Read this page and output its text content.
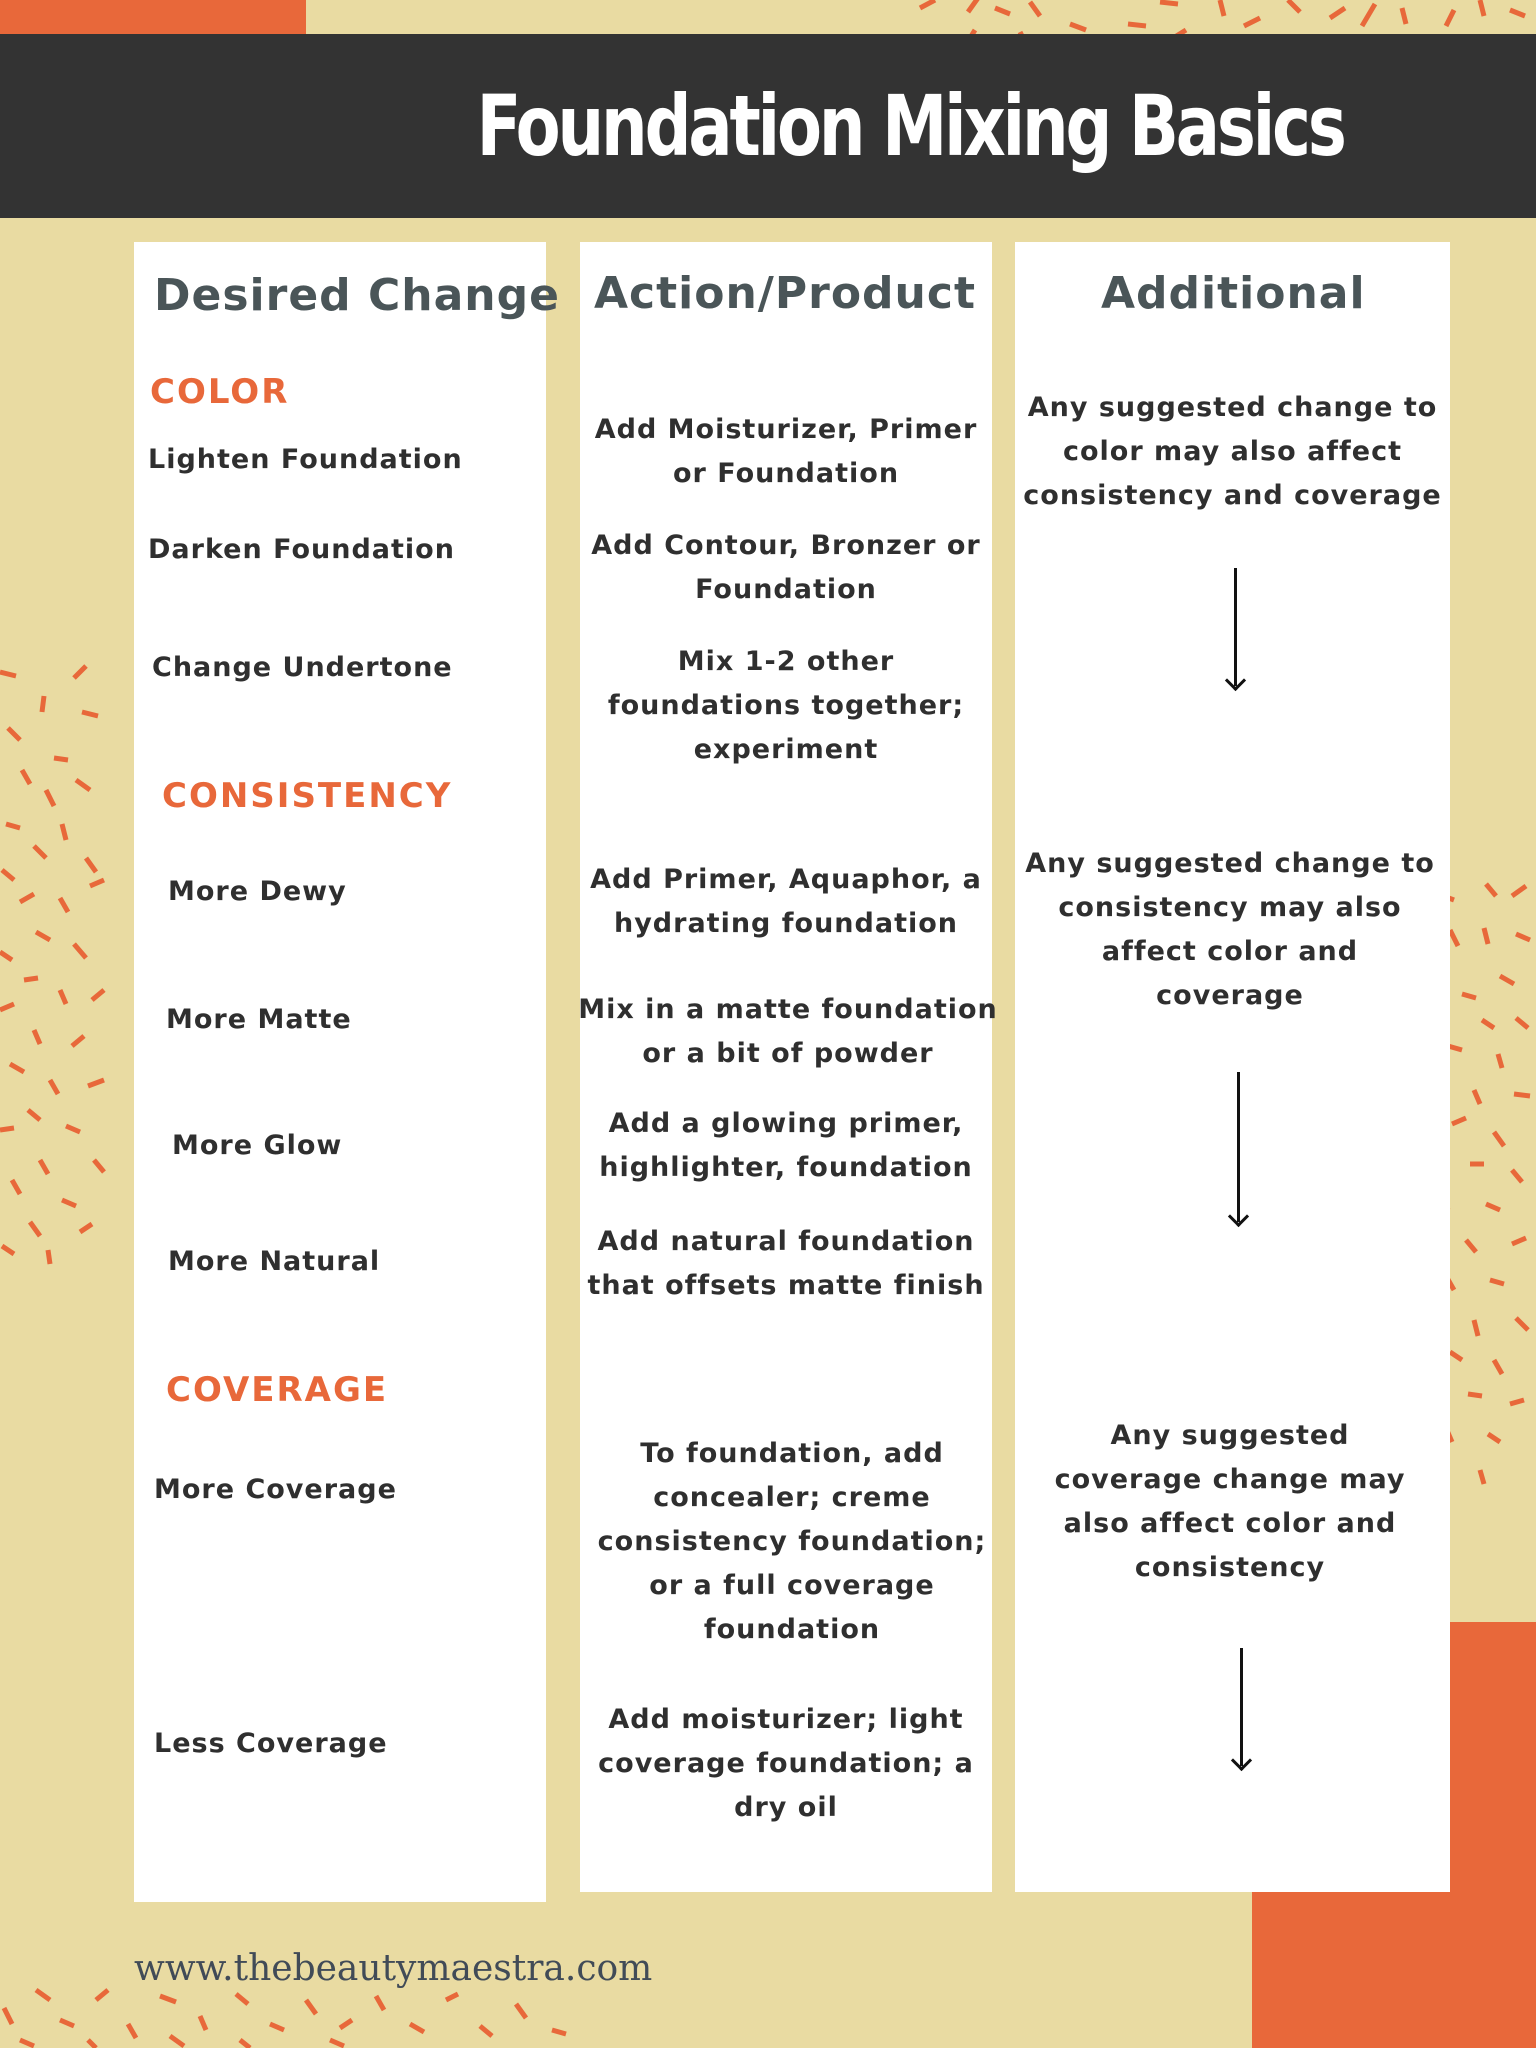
Foundation Mixing Basics
Desired Change
COLOR
Lighten Foundation
Darken Foundation
Change Undertone
CONSISTENCY
More Dewy
More Matte
More Glow
More Natural
COVERAGE
More Coverage
Less Coverage
Action/Product
Add Moisturizer, Primer or Foundation
Add Contour, Bronzer or Foundation
Mix 1-2 other foundations together; experiment
Add Primer, Aquaphor, a hydrating foundation
Mix in a matte foundation or a bit of powder
Add a glowing primer, highlighter, foundation
Add natural foundation that offsets matte finish
To foundation, add concealer; creme consistency foundation; or a full coverage foundation
Add moisturizer; light coverage foundation; a dry oil
Additional
Any suggested change to color may also affect consistency and coverage
Any suggested change to consistency may also affect color and coverage
Any suggested coverage change may also affect color and consistency
www.thebeautymaestra.com
